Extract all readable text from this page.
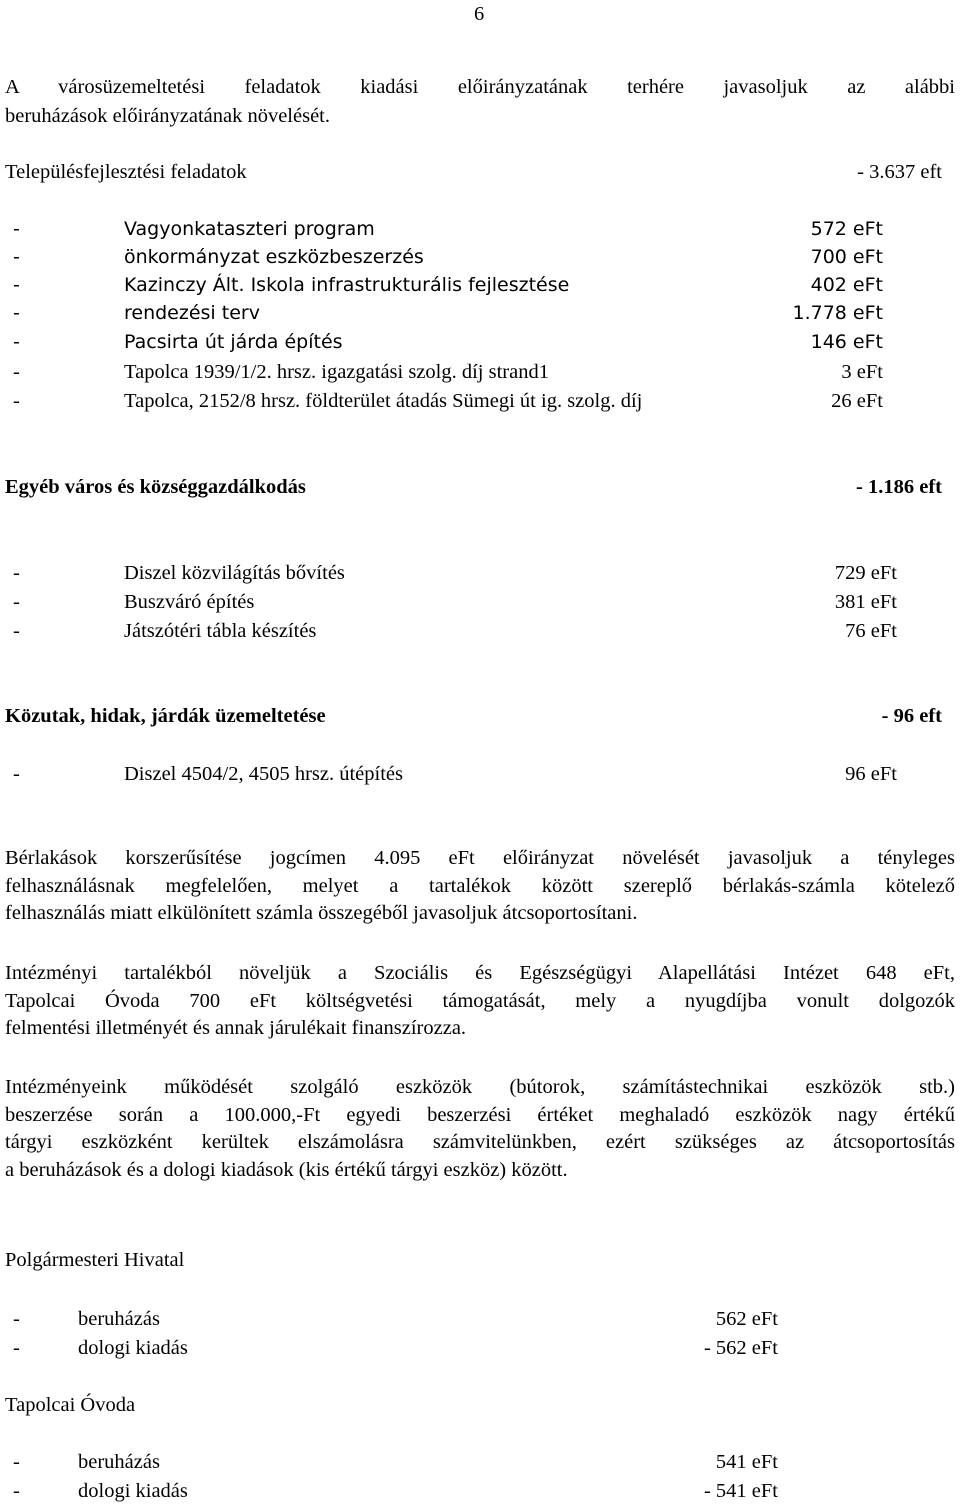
6
A városüzemeltetési feladatok kiadási előirányzatának terhére javasoljuk az alábbi
beruházások előirányzatának növelését.
Településfejlesztési feladatok	- 3.637 eft
-	Vagyonkataszteri program	572 eFt
-	önkormányzat eszközbeszerzés	700 eFt
-	Kazinczy Ált. Iskola infrastrukturális fejlesztése	402 eFt
-	rendezési terv	1.778 eFt
-	Pacsirta út járda építés	146 eFt
-	Tapolca 1939/1/2. hrsz. igazgatási szolg. díj strand1	3 eFt
-	Tapolca, 2152/8 hrsz. földterület átadás Sümegi út ig. szolg. díj	26 eFt
Egyéb város és községgazdálkodás	- 1.186 eft
-	Diszel közvilágítás bővítés	729 eFt
-	Buszváró építés	381 eFt
-	Játszótéri tábla készítés	76 eFt
Közutak, hidak, járdák üzemeltetése	- 96 eft
-	Diszel 4504/2, 4505 hrsz. útépítés	96 eFt
Bérlakások korszerűsítése jogcímen 4.095 eFt előirányzat növelését javasoljuk a tényleges
felhasználásnak megfelelően, melyet a tartalékok között szereplő bérlakás-számla kötelező
felhasználás miatt elkülönített számla összegéből javasoljuk átcsoportosítani.
Intézményi tartalékból növeljük a Szociális és Egészségügyi Alapellátási Intézet 648 eFt,
Tapolcai Óvoda 700 eFt költségvetési támogatását, mely a nyugdíjba vonult dolgozók
felmentési illetményét és annak járulékait finanszírozza.
Intézményeink működését szolgáló eszközök (bútorok, számítástechnikai eszközök stb.)
beszerzése során a 100.000,-Ft egyedi beszerzési értéket meghaladó eszközök nagy értékű
tárgyi eszközként kerültek elszámolásra számvitelünkben, ezért szükséges az átcsoportosítás
a beruházások és a dologi kiadások (kis értékű tárgyi eszköz) között.
Polgármesteri Hivatal
-	beruházás	562 eFt
-	dologi kiadás	- 562 eFt
Tapolcai Óvoda
-	beruházás	541 eFt
-	dologi kiadás	- 541 eFt
